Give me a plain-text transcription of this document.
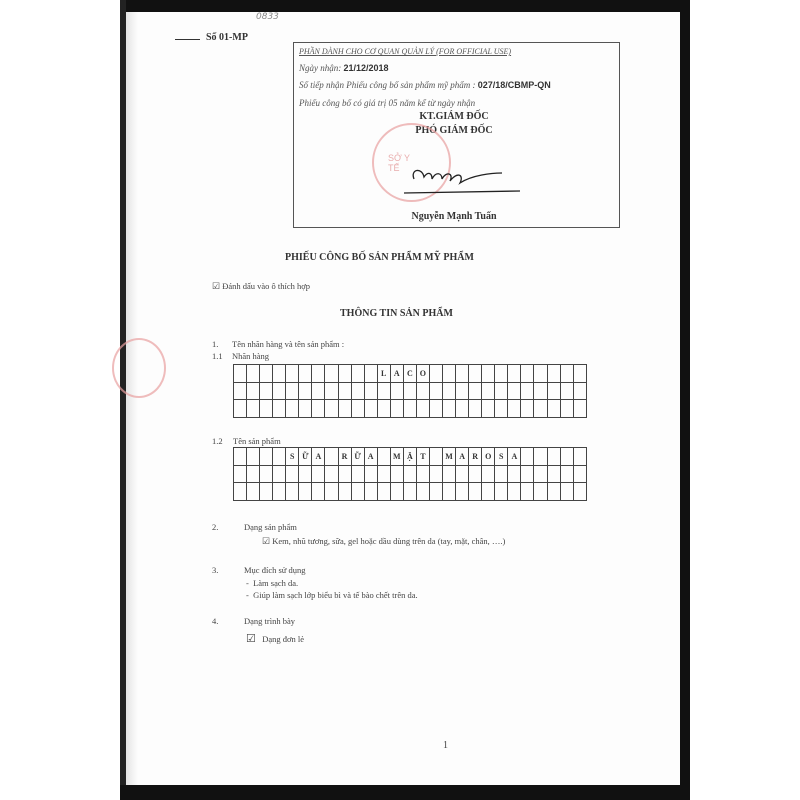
0833
Số 01-MP
PHẦN DÀNH CHO CƠ QUAN QUẢN LÝ (FOR OFFICIAL USE)
Ngày nhận: 21/12/2018
Số tiếp nhận Phiếu công bố sản phẩm mỹ phẩm : 027/18/CBMP-QN
Phiếu công bố có giá trị 05 năm kể từ ngày nhận
KT.GIÁM ĐỐC
PHÓ GIÁM ĐỐC
SỞ Y TẾ
Nguyễn Mạnh Tuấn
PHIẾU CÔNG BỐ SẢN PHẨM MỸ PHẨM
☑ Đánh dấu vào ô thích hợp
THÔNG TIN SẢN PHẨM
1. Tên nhãn hàng và tên sản phẩm :
1.1 Nhãn hàng
L A C O
1.2 Tên sản phẩm
S Ữ A	R Ữ A	M Ặ T	M A R O S A
2.	Dạng sản phẩm
☑ Kem, nhũ tương, sữa, gel hoặc dầu dùng trên da (tay, mặt, chân, ….)
3.	Mục đích sử dụng
- Làm sạch da.
- Giúp làm sạch lớp biểu bì và tế bào chết trên da.
4.	Dạng trình bày
☑ Dạng đơn lẻ
1
